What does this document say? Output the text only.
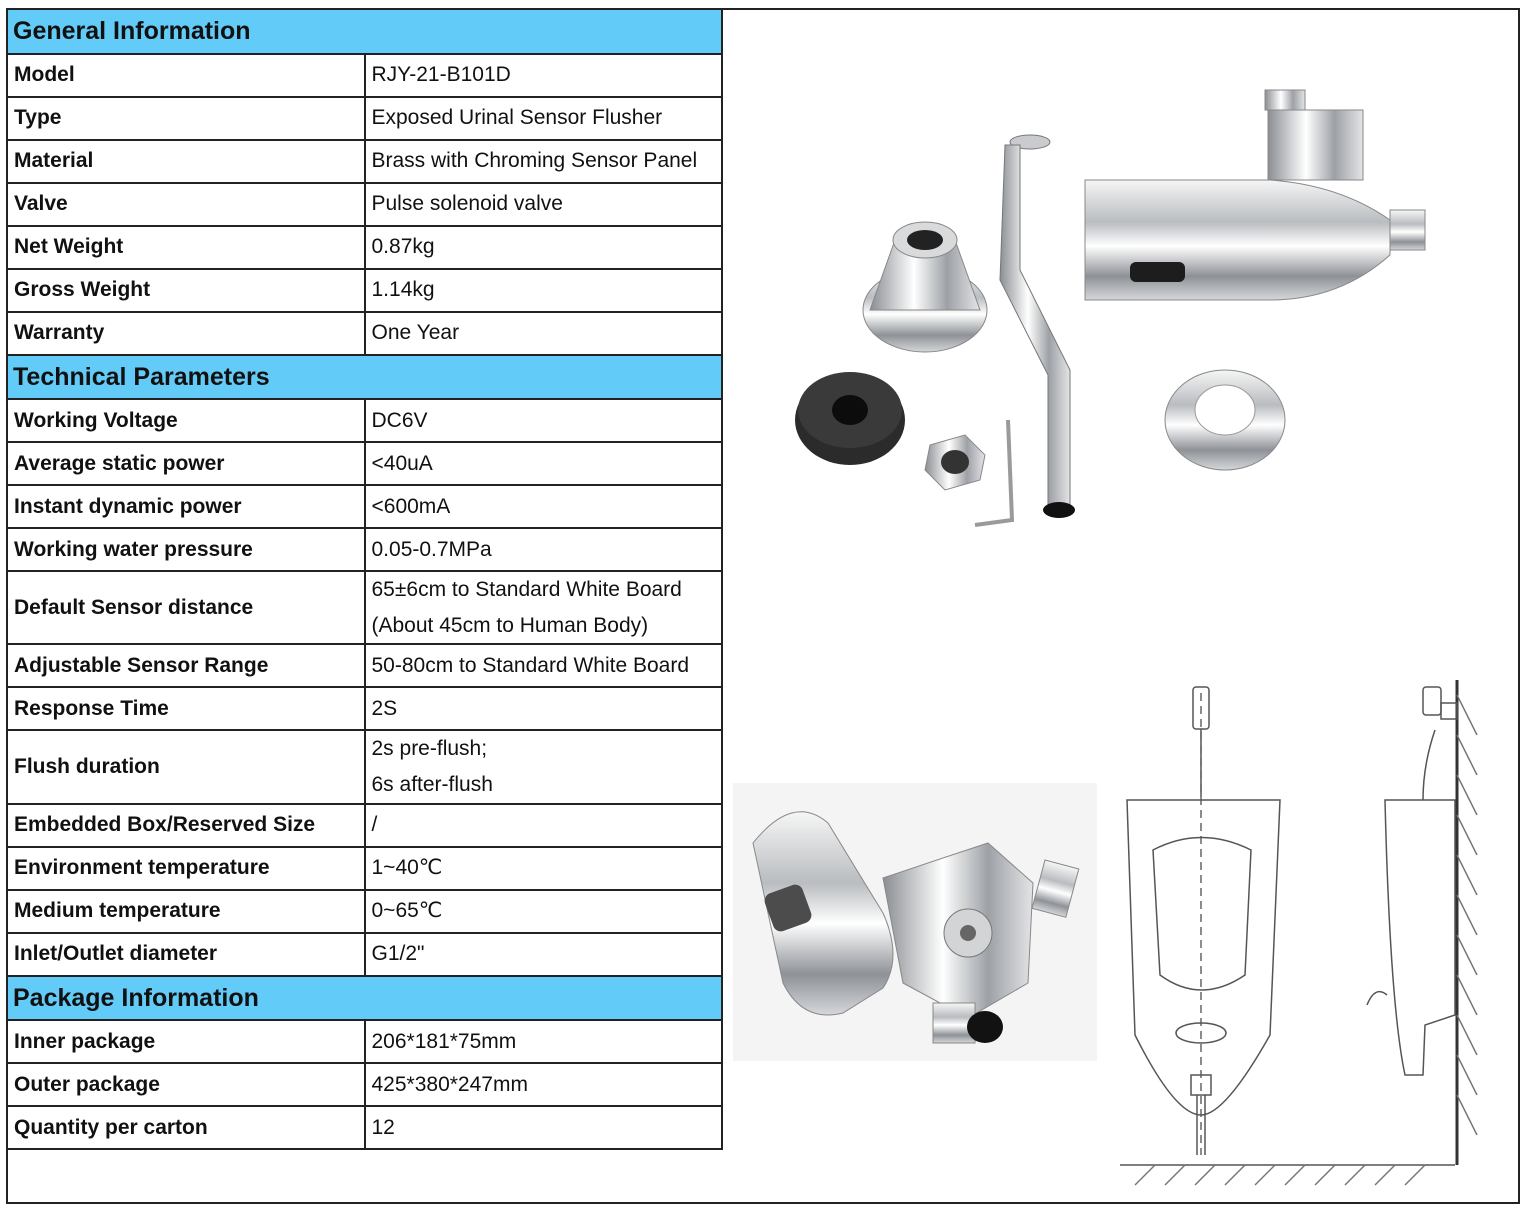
General Information	
Model	RJY-21-B101D

Type	Exposed Urinal Sensor Flusher

Material	Brass with Chroming Sensor Panel

Valve	Pulse solenoid valve

Net Weight	0.87kg

Gross Weight	1.14kg

Warranty	One Year

Technical Parameters	
Working Voltage	DC6V

Average static power	<40uA

Instant dynamic power	<600mA

Working water pressure	0.05-0.7MPa

Default Sensor distance	65±6cm to Standard White Board
(About 45cm to Human Body)

Adjustable Sensor Range	50-80cm to Standard White Board

Response Time	2S

Flush duration	2s pre-flush;
6s after-flush

Embedded Box/Reserved Size	/

Environment temperature	1~40℃

Medium temperature	0~65℃

Inlet/Outlet diameter	G1/2"

Package Information	
Inner package	206*181*75mm

Outer package	425*380*247mm

Quantity per carton	12
